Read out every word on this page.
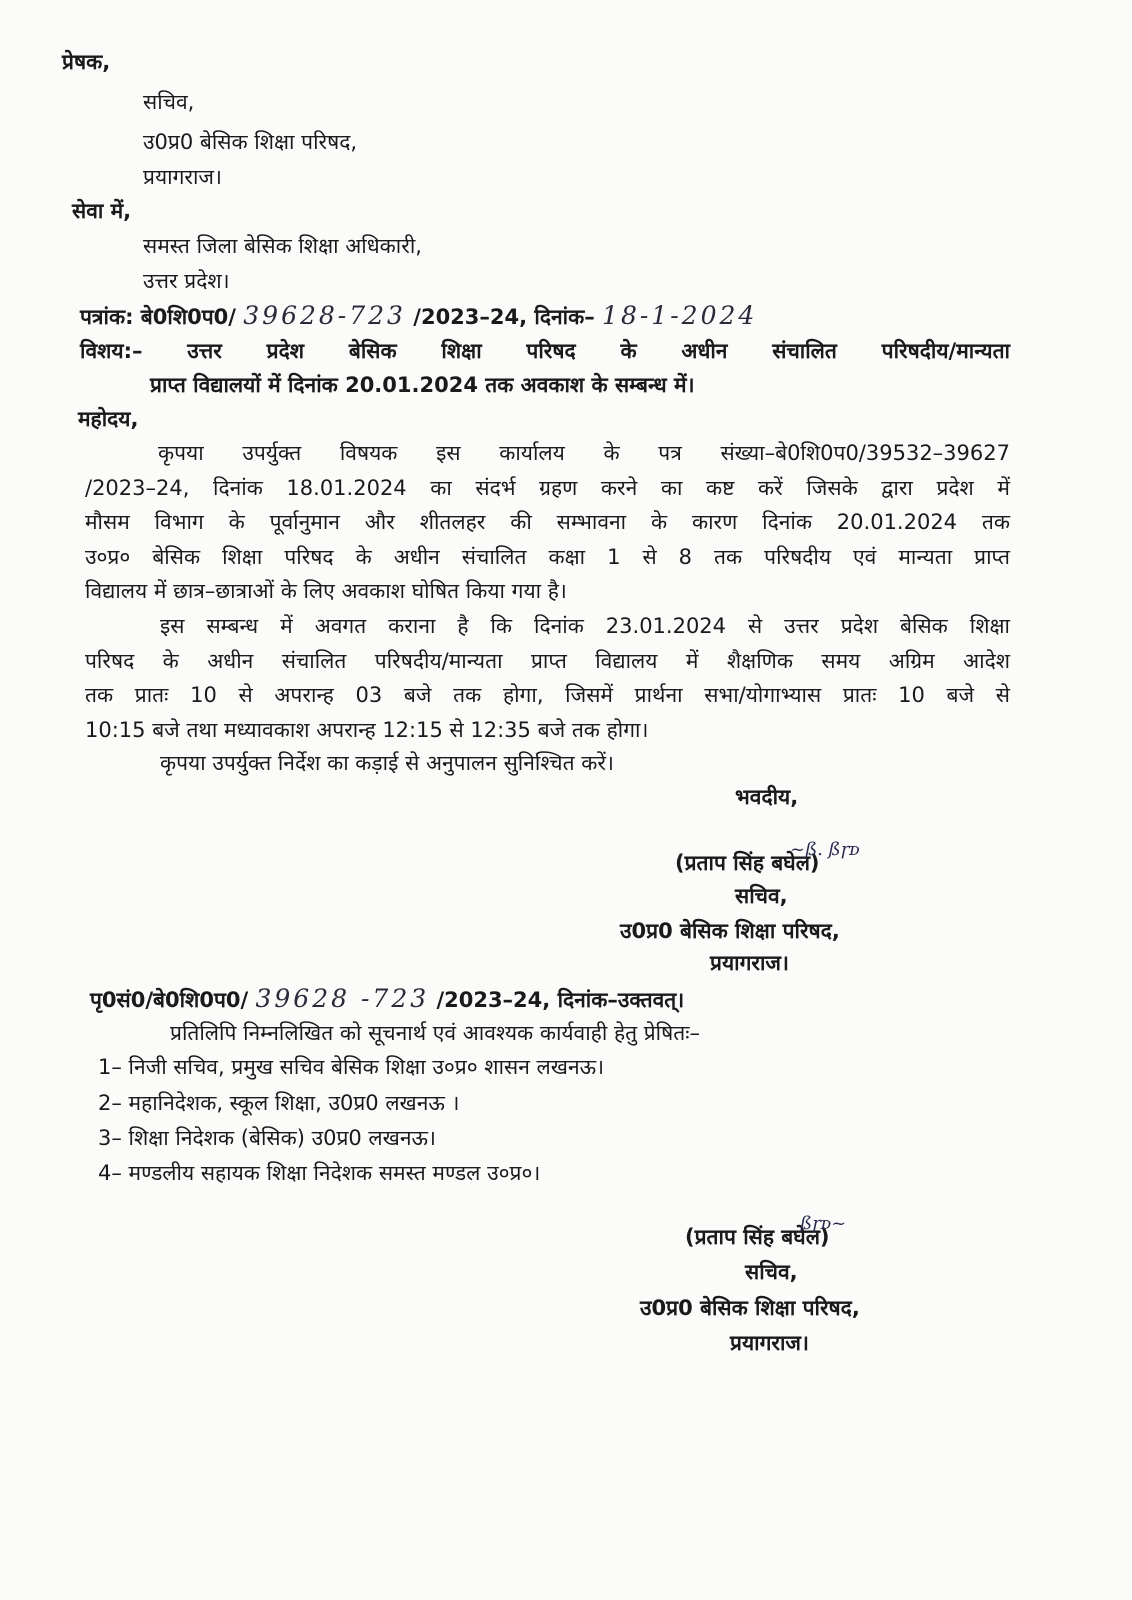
प्रेषक,
सचिव,
उ0प्र0 बेसिक शिक्षा परिषद,
प्रयागराज।
सेवा में,
समस्त जिला बेसिक शिक्षा अधिकारी,
उत्तर प्रदेश।
पत्रांक: बे0शि0प0/ 39628-723 /2023–24, दिनांक– 18-1-2024
विशय:– उत्तर प्रदेश बेसिक शिक्षा परिषद के अधीन संचालित परिषदीय/मान्यता
प्राप्त विद्यालयों में दिनांक 20.01.2024 तक अवकाश के सम्बन्ध में।
महोदय,
कृपया उपर्युक्त विषयक इस कार्यालय के पत्र संख्या–बे0शि0प0/39532–39627
/2023–24, दिनांक 18.01.2024 का संदर्भ ग्रहण करने का कष्ट करें जिसके द्वारा प्रदेश में
मौसम विभाग के पूर्वानुमान और शीतलहर की सम्भावना के कारण दिनांक 20.01.2024 तक
उ०प्र० बेसिक शिक्षा परिषद के अधीन संचालित कक्षा 1 से 8 तक परिषदीय एवं मान्यता प्राप्त
विद्यालय में छात्र–छात्राओं के लिए अवकाश घोषित किया गया है।
इस सम्बन्ध में अवगत कराना है कि दिनांक 23.01.2024 से उत्तर प्रदेश बेसिक शिक्षा
परिषद के अधीन संचालित परिषदीय/मान्यता प्राप्त विद्यालय में शैक्षणिक समय अग्रिम आदेश
तक प्रातः 10 से अपरान्ह 03 बजे तक होगा, जिसमें प्रार्थना सभा/योगाभ्यास प्रातः 10 बजे से
10:15 बजे तथा मध्यावकाश अपरान्ह 12:15 से 12:35 बजे तक होगा।
कृपया उपर्युक्त निर्देश का कड़ाई से अनुपालन सुनिश्चित करें।
भवदीय,
(प्रताप सिंह बघेल)
~ß. ßɼᴅ
सचिव,
उ0प्र0 बेसिक शिक्षा परिषद,
प्रयागराज।
पृ0सं0/बे0शि0प0/ 39628 -723 /2023–24, दिनांक–उक्तवत्।
प्रतिलिपि निम्नलिखित को सूचनार्थ एवं आवश्यक कार्यवाही हेतु प्रेषितः–
1– निजी सचिव, प्रमुख सचिव बेसिक शिक्षा उ०प्र० शासन लखनऊ।
2– महानिदेशक, स्कूल शिक्षा, उ0प्र0 लखनऊ ।
3– शिक्षा निदेशक (बेसिक) उ0प्र0 लखनऊ।
4– मण्डलीय सहायक शिक्षा निदेशक समस्त मण्डल उ०प्र०।
(प्रताप सिंह बघेल)
ßɼᴅ~
सचिव,
उ0प्र0 बेसिक शिक्षा परिषद,
प्रयागराज।
